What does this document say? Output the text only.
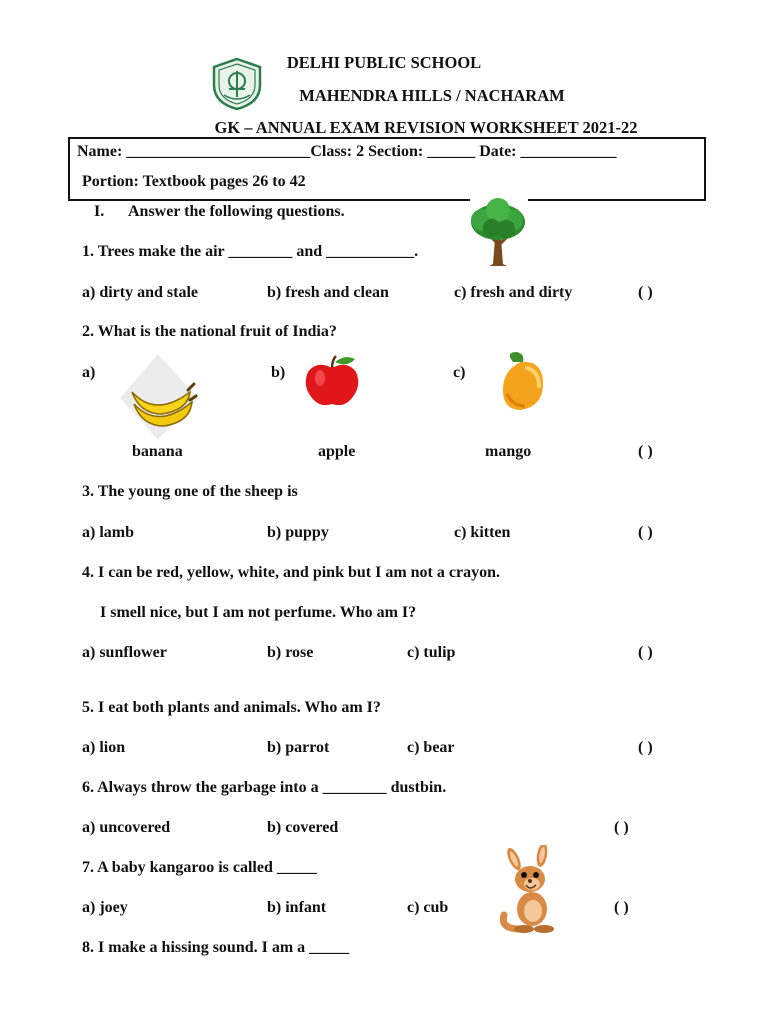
DELHI PUBLIC SCHOOL
MAHENDRA HILLS / NACHARAM
GK – ANNUAL EXAM REVISION WORKSHEET 2021-22
Name: _______________________Class: 2 Section: ______ Date: ____________
Portion: Textbook pages 26 to 42
I. Answer the following questions.
1. Trees make the air ________ and ___________.
a) dirty and stale	b) fresh and clean	c) fresh and dirty	( )
2. What is the national fruit of India?
a)	b)	c)
banana	apple	mango	( )
3. The young one of the sheep is
a) lamb	b) puppy	c) kitten	( )
4. I can be red, yellow, white, and pink but I am not a crayon.
I smell nice, but I am not perfume. Who am I?
a) sunflower	b) rose	c) tulip	( )
5. I eat both plants and animals. Who am I?
a) lion	b) parrot	c) bear	( )
6. Always throw the garbage into a ________ dustbin.
a) uncovered	b) covered	( )
7. A baby kangaroo is called _____
a) joey	b) infant	c) cub	( )
8. I make a hissing sound. I am a _____
